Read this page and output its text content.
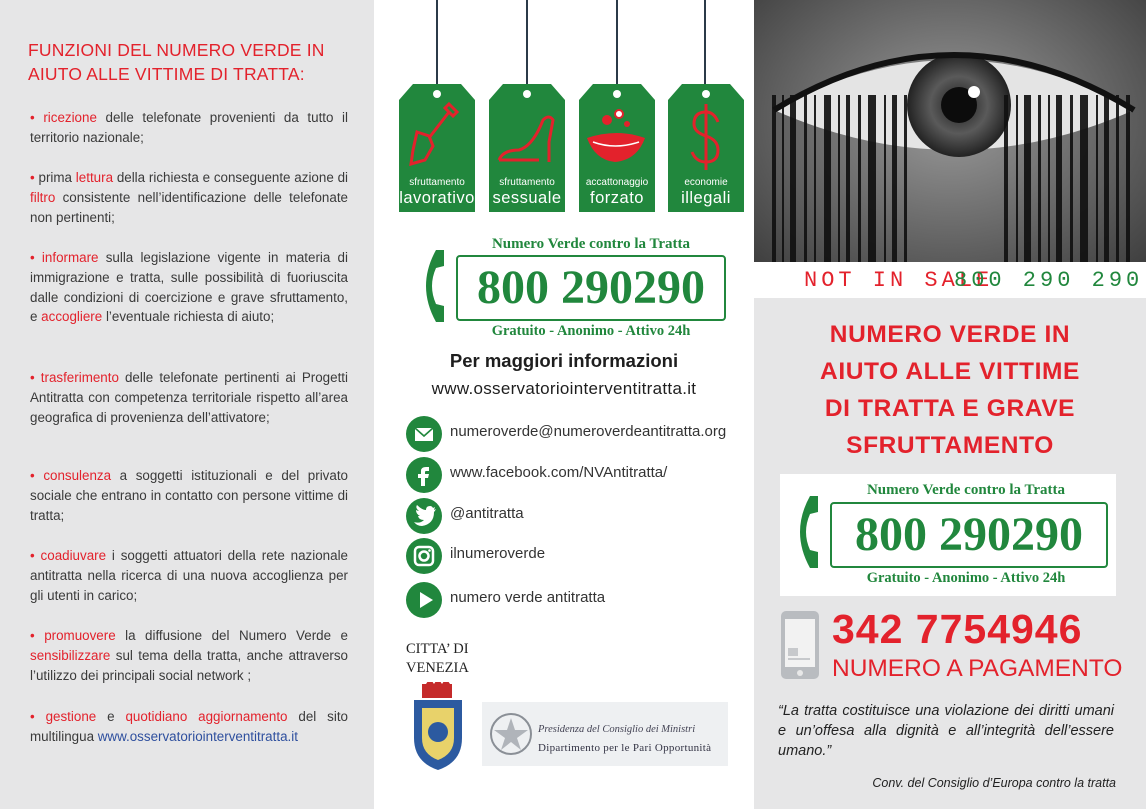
FUNZIONI DEL NUMERO VERDE IN AIUTO ALLE VITTIME DI TRATTA:
• ricezione delle telefonate provenienti da tutto il territorio nazionale;
• prima lettura della richiesta e conseguente azione di filtro consistente nell’identificazione delle telefonate non pertinenti;
• informare sulla legislazione vigente in materia di immigrazione e tratta, sulle possibilità di fuoriuscita dalle condizioni di coercizione e grave sfruttamento, e accogliere l’eventuale richiesta di aiuto;
• trasferimento delle telefonate pertinenti ai Progetti Antitratta con competenza territoriale rispetto all’area geografica di provenienza dell’attivatore;
• consulenza a soggetti istituzionali e del privato sociale che entrano in contatto con persone vittime di tratta;
• coadiuvare i soggetti attuatori della rete nazionale antitratta nella ricerca di una nuova accoglienza per gli utenti in carico;
• promuovere la diffusione del Numero Verde e sensibilizzare sul tema della tratta, anche attraverso l’utilizzo dei principali social network ;
• gestione e quotidiano aggiornamento del sito multilingua www.osservatoriointerventitratta.it
sfruttamento
lavorativo
sfruttamento
sessuale
accattonaggio
forzato
economie
illegali
Numero Verde contro la Tratta
800 290290
Gratuito - Anonimo - Attivo 24h
Per maggiori informazioni
www.osservatoriointerventitratta.it
numeroverde@numeroverdeantitratta.org
www.facebook.com/NVAntitratta/
@antitratta
ilnumeroverde
numero verde antitratta
CITTA’ DI
VENEZIA
Presidenza del Consiglio dei Ministri
Dipartimento per le Pari Opportunità
NOT IN SALE
800 290 290
NUMERO VERDE IN
AIUTO ALLE VITTIME
DI TRATTA E GRAVE
SFRUTTAMENTO
Numero Verde contro la Tratta
800 290290
Gratuito - Anonimo - Attivo 24h
342 7754946
NUMERO A PAGAMENTO
“La tratta costituisce una violazione dei diritti umani e un’offesa alla dignità e all’integrità dell’essere umano.”
Conv. del Consiglio d’Europa contro la tratta
